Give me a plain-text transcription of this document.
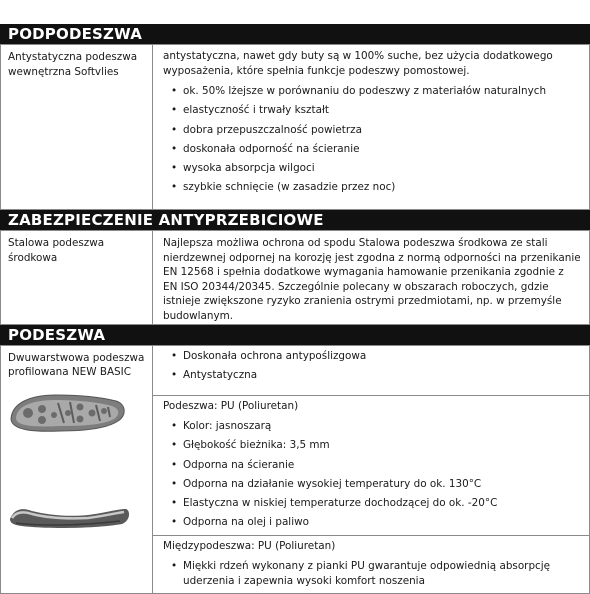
PODPODESZWA
Antystatyczna podeszwa wewnętrzna Softvlies	

antystatyczna, nawet gdy buty są w 100% suche, bez użycia dodatkowego wyposażenia, które spełnia funkcje podeszwy pomostowej.

• ok. 50% lżejsze w porównaniu do podeszwy z materiałów naturalnych
• elastyczność i trwały kształt
• dobra przepuszczalność powietrza
• doskonała odporność na ścieranie
• wysoka absorpcja wilgoci
• szybkie schnięcie (w zasadzie przez noc)
ZABEZPIECZENIE ANTYPRZEBICIOWE
Stalowa podeszwa środkowa	

Najlepsza możliwa ochrona od spodu Stalowa podeszwa środkowa ze stali nierdzewnej odpornej na korozję jest zgodna z normą odporności na przenikanie EN 12568 i spełnia dodatkowe wymagania hamowanie przenikania zgodnie z EN ISO 20344/20345. Szczególnie polecany w obszarach roboczych, gdzie istnieje zwiększone ryzyko zranienia ostrymi przedmiotami, np. w przemyśle budowlanym.

PODESZWA
Dwuwarstwowa podeszwa profilowana NEW BASIC

• Doskonała ochrona antypoślizgowa
• Antystatyczna

Podeszwa: PU (Poliuretan)

• Kolor: jasnoszarą
• Głębokość bieżnika: 3,5 mm
• Odporna na ścieranie
• Odporna na działanie wysokiej temperatury do ok. 130°C
• Elastyczna w niskiej temperaturze dochodzącej do ok. -20°C
• Odporna na olej i paliwo

Międzypodeszwa: PU (Poliuretan)

• Miękki rdzeń wykonany z pianki PU gwarantuje odpowiednią absorpcję uderzenia i zapewnia wysoki komfort noszenia
